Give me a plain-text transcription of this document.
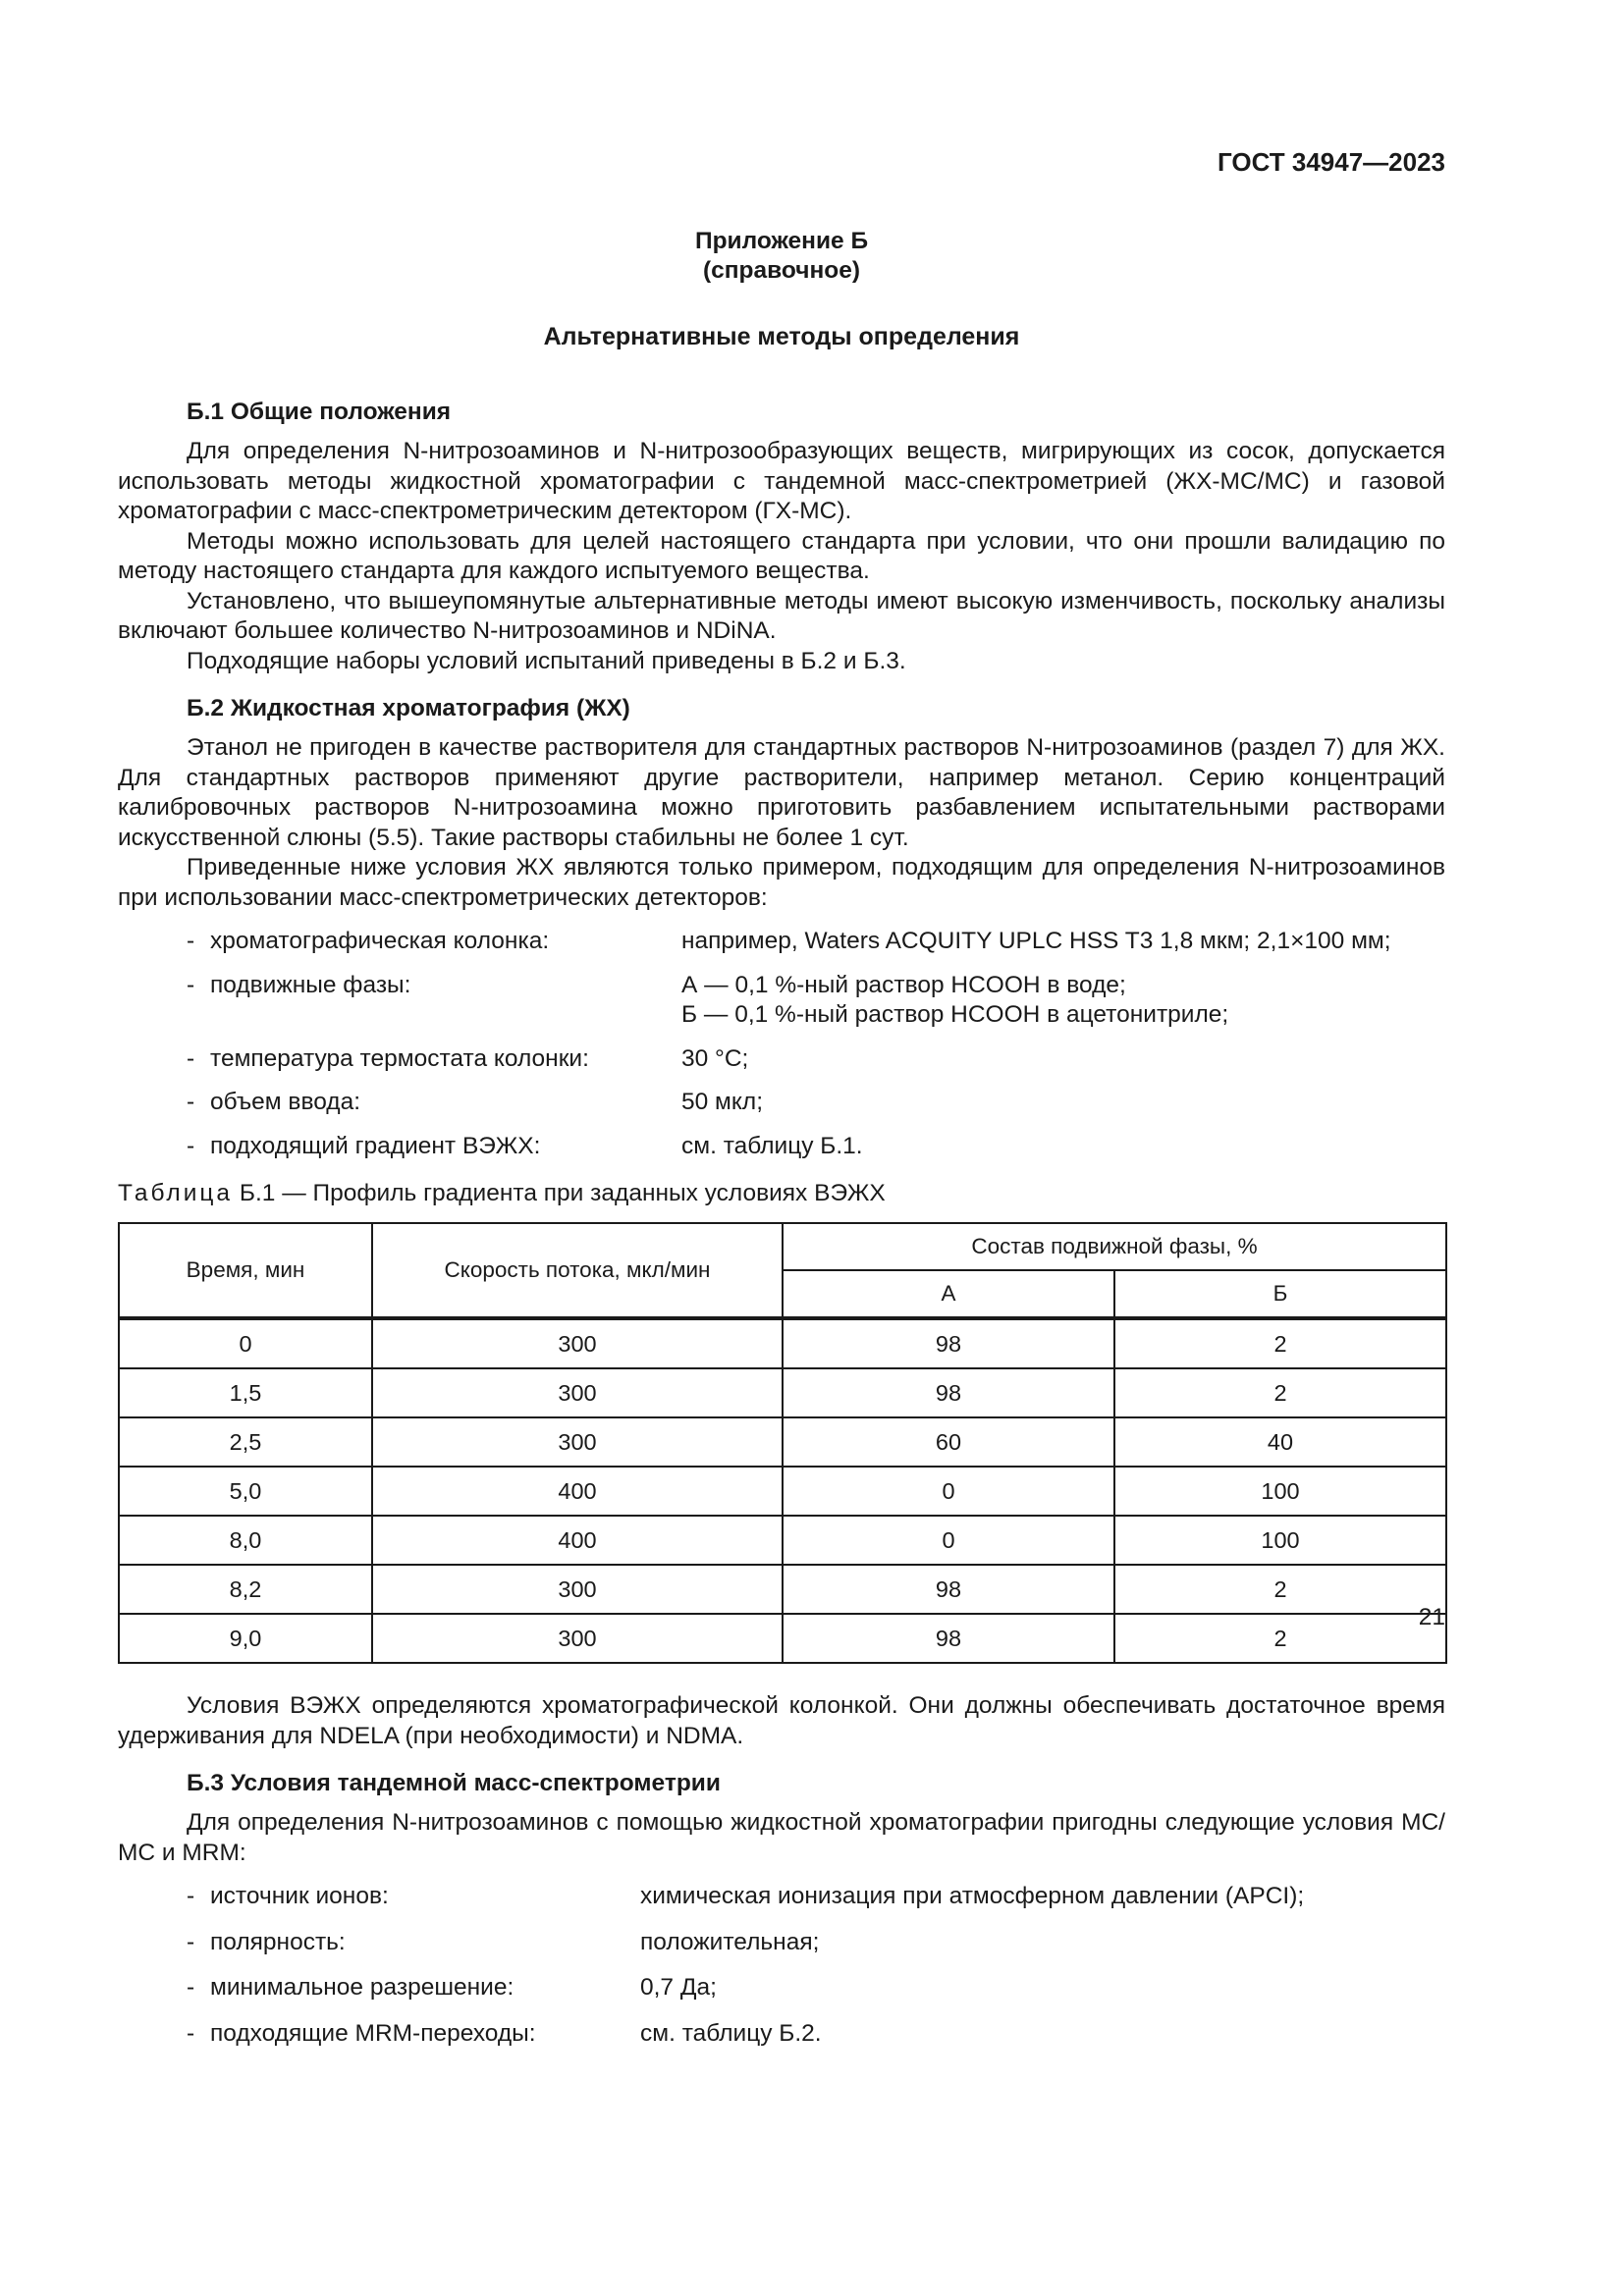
ГОСТ 34947—2023
Приложение Б
(справочное)
Альтернативные методы определения

Б.1 Общие положения

Для определения N-нитрозоаминов и N-нитрозообразующих веществ, мигрирующих из сосок, допускается использовать методы жидкостной хроматографии с тандемной масс-спектрометрией (ЖХ-МС/МС) и газовой хроматографии с масс-спектрометрическим детектором (ГХ-МС).

Методы можно использовать для целей настоящего стандарта при условии, что они прошли валидацию по методу настоящего стандарта для каждого испытуемого вещества.

Установлено, что вышеупомянутые альтернативные методы имеют высокую изменчивость, поскольку анализы включают большее количество N-нитрозоаминов и NDiNA.

Подходящие наборы условий испытаний приведены в Б.2 и Б.3.

Б.2 Жидкостная хроматография (ЖХ)

Этанол не пригоден в качестве растворителя для стандартных растворов N-нитрозоаминов (раздел 7) для ЖХ. Для стандартных растворов применяют другие растворители, например метанол. Серию концентраций калибровочных растворов N-нитрозоамина можно приготовить разбавлением испытательными растворами искусственной слюны (5.5). Такие растворы стабильны не более 1 сут.

Приведенные ниже условия ЖХ являются только примером, подходящим для определения N-нитрозоаминов при использовании масс-спектрометрических детекторов:

- хроматографическая колонка:	например, Waters ACQUITY UPLC HSS T3 1,8 мкм; 2,1×100 мм;
- подвижные фазы:	А — 0,1 %-ный раствор HCOOH в воде;
Б — 0,1 %-ный раствор HCOOH в ацетонитриле;
- температура термостата колонки:	30 °С;
- объем ввода:	50 мкл;
- подходящий градиент ВЭЖХ:	см. таблицу Б.1.

Таблица Б.1 — Профиль градиента при заданных условиях ВЭЖХ

Время, мин	Скорость потока, мкл/мин	Состав подвижной фазы, %	
		А	Б
0	300	98	2
1,5	300	98	2
2,5	300	60	40
5,0	400	0	100
8,0	400	0	100
8,2	300	98	2
9,0	300	98	2

Условия ВЭЖХ определяются хроматографической колонкой. Они должны обеспечивать достаточное время удерживания для NDELA (при необходимости) и NDMA.

Б.3 Условия тандемной масс-спектрометрии

Для определения N-нитрозоаминов с помощью жидкостной хроматографии пригодны следующие условия МС/МС и MRM:

- источник ионов:	химическая ионизация при атмосферном давлении (APCI);
- полярность:	положительная;
- минимальное разрешение:	0,7 Да;
- подходящие MRM-переходы:	см. таблицу Б.2.
21
